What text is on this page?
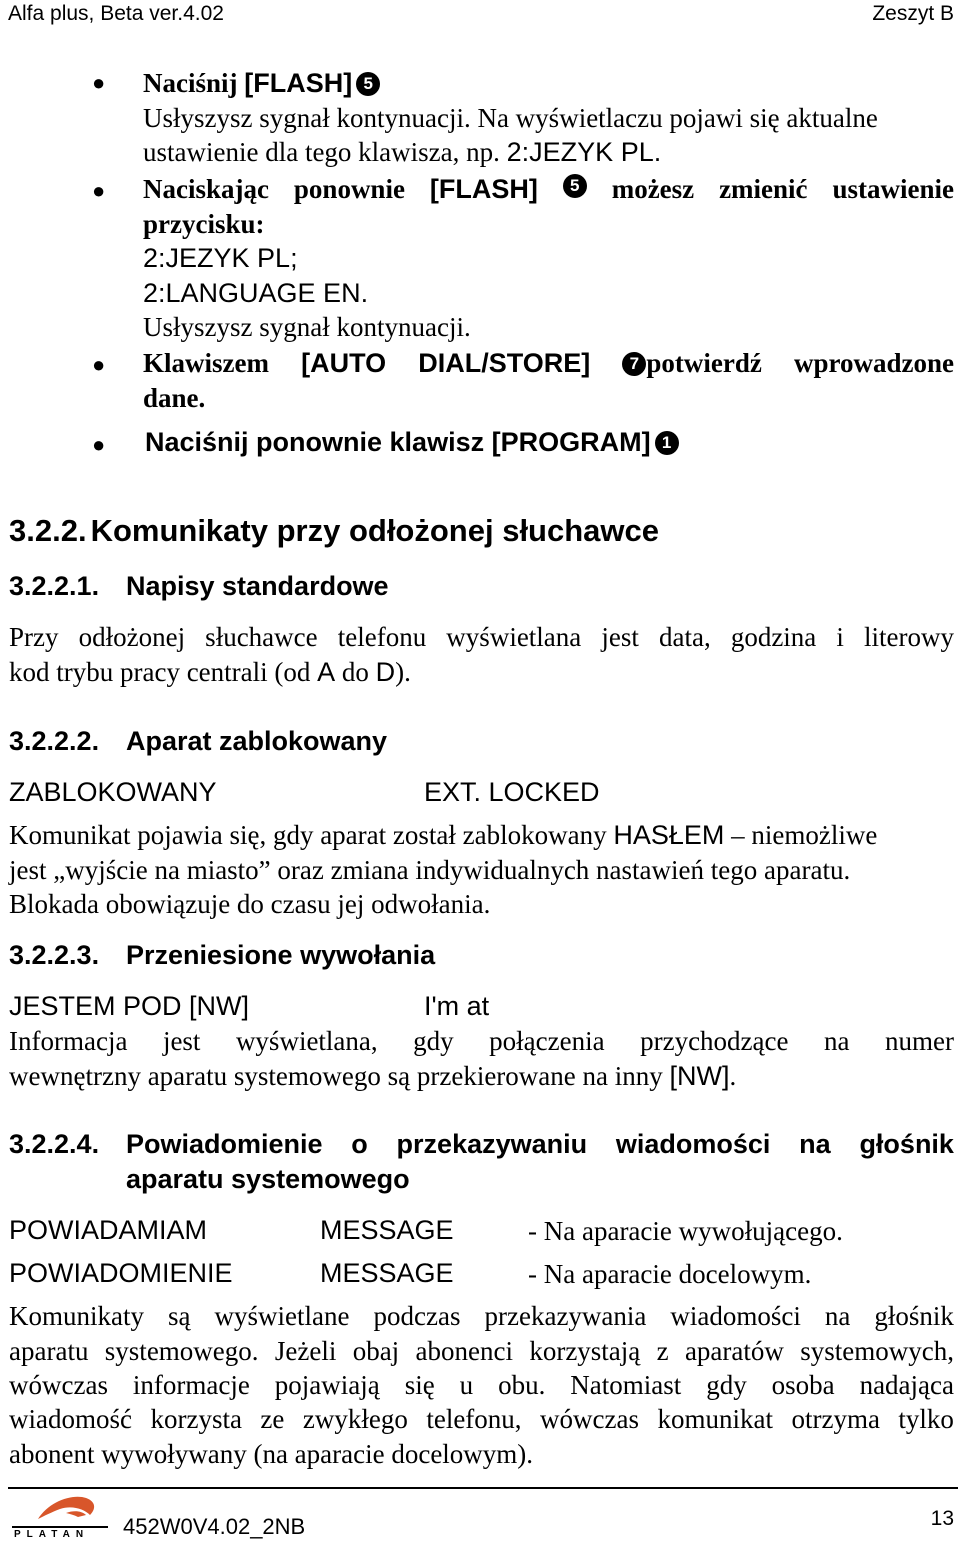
Alfa plus, Beta ver.4.02	Zeszyt B
● Naciśnij [FLASH] 5
Usłyszysz sygnał kontynuacji. Na wyświetlaczu pojawi się aktualne
ustawienie dla tego klawisza, np. 2:JEZYK PL.
● Naciskając ponownie [FLASH]	5 możesz zmienić ustawienie
przycisku:
2:JEZYK PL;
2:LANGUAGE EN.
Usłyszysz sygnał kontynuacji.
● Klawiszem [AUTO DIAL/STORE]	7 potwierdź wprowadzone
dane.
● Naciśnij ponownie klawisz [PROGRAM] 1
3.2.2. Komunikaty przy odłożonej słuchawce
3.2.2.1. Napisy standardowe
Przy odłożonej słuchawce telefonu wyświetlana jest data, godzina i literowy
kod trybu pracy centrali (od A do D).
3.2.2.2. Aparat zablokowany
ZABLOKOWANY	EXT. LOCKED
Komunikat pojawia się, gdy aparat został zablokowany HASŁEM – niemożliwe
jest „wyjście na miasto” oraz zmiana indywidualnych nastawień tego aparatu.
Blokada obowiązuje do czasu jej odwołania.
3.2.2.3. Przeniesione wywołania
JESTEM POD [NW]	I'm at
Informacja jest wyświetlana, gdy połączenia przychodzące na numer
wewnętrzny aparatu systemowego są przekierowane na inny [NW].
3.2.2.4. Powiadomienie o przekazywaniu wiadomości na głośnik
aparatu systemowego
POWIADAMIAM	MESSAGE	- Na aparacie wywołującego.
POWIADOMIENIE	MESSAGE	- Na aparacie docelowym.
Komunikaty są wyświetlane podczas przekazywania wiadomości na głośnik
aparatu systemowego. Jeżeli obaj abonenci korzystają z aparatów systemowych,
wówczas informacje pojawiają się u obu. Natomiast gdy osoba nadająca
wiadomość korzysta ze zwykłego telefonu, wówczas komunikat otrzyma tylko
abonent wywoływany (na aparacie docelowym).
PLATAN 452W0V4.02_2NB	13
